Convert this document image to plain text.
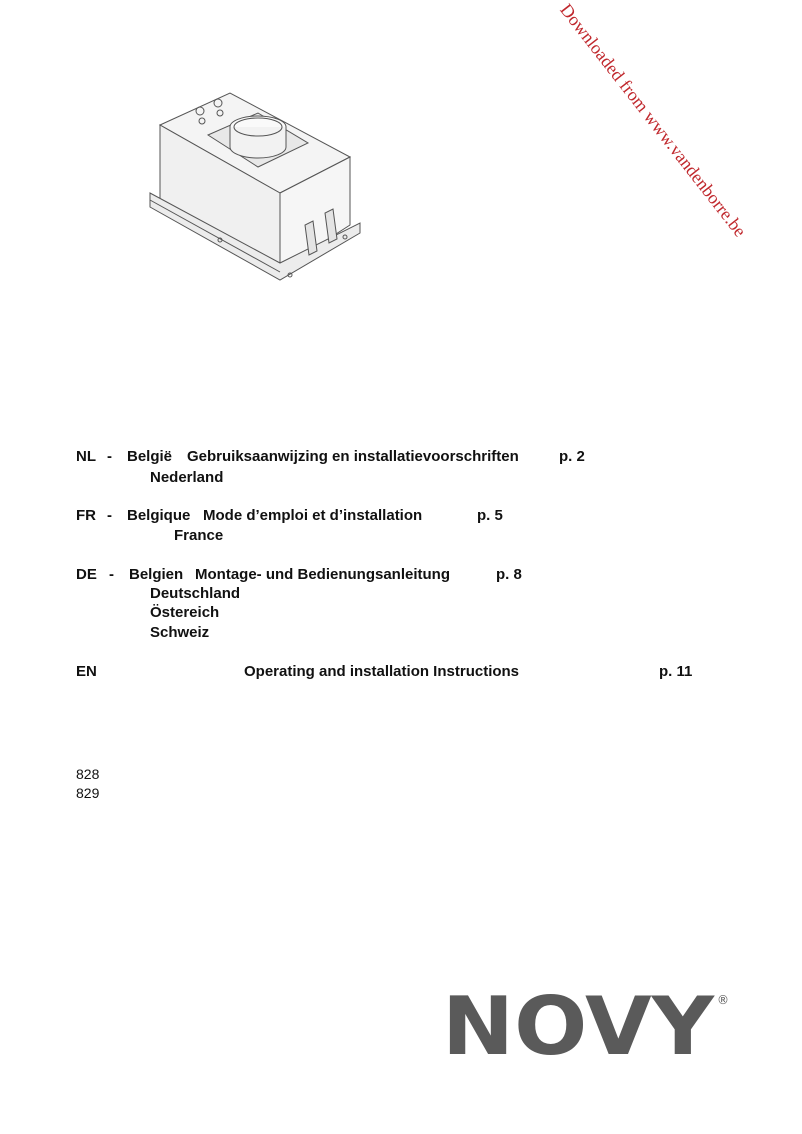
Downloaded from www.vandenborre.be
NL - België Gebruiksaanwijzing en installatievoorschriften	p. 2
Nederland
FR - Belgique Mode d’emploi et d’installation	p. 5
France
DE - Belgien Montage- und Bedienungsanleitung	p. 8
Deutschland
Östereich
Schweiz
EN	Operating and installation Instructions	p. 11
828
829
NOVY ®
